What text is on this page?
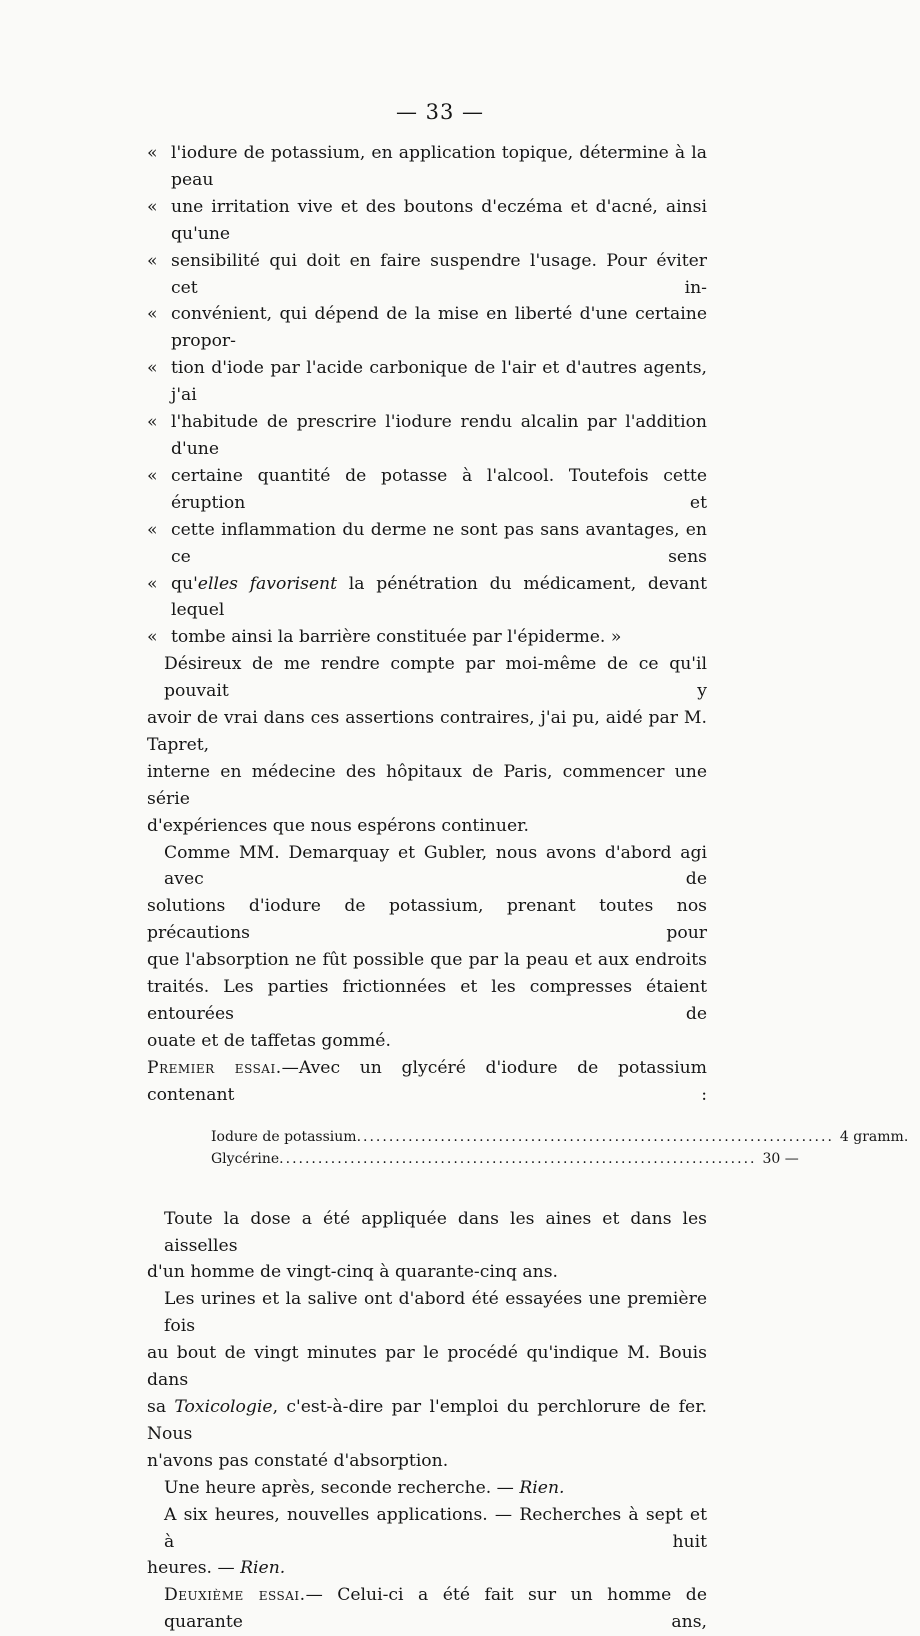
— 33 —
« l'iodure de potassium, en application topique, détermine à la peau
« une irritation vive et des boutons d'eczéma et d'acné, ainsi qu'une
« sensibilité qui doit en faire suspendre l'usage. Pour éviter cet in-
« convénient, qui dépend de la mise en liberté d'une certaine propor-
« tion d'iode par l'acide carbonique de l'air et d'autres agents, j'ai
« l'habitude de prescrire l'iodure rendu alcalin par l'addition d'une
« certaine quantité de potasse à l'alcool. Toutefois cette éruption et
« cette inflammation du derme ne sont pas sans avantages, en ce sens
« qu'elles favorisent la pénétration du médicament, devant lequel
« tombe ainsi la barrière constituée par l'épiderme. »
Désireux de me rendre compte par moi-même de ce qu'il pouvait y
avoir de vrai dans ces assertions contraires, j'ai pu, aidé par M. Tapret,
interne en médecine des hôpitaux de Paris, commencer une série
d'expériences que nous espérons continuer.
Comme MM. Demarquay et Gubler, nous avons d'abord agi avec de
solutions d'iodure de potassium, prenant toutes nos précautions pour
que l'absorption ne fût possible que par la peau et aux endroits
traités. Les parties frictionnées et les compresses étaient entourées de
ouate et de taffetas gommé.
Premier essai.—Avec un glycéré d'iodure de potassium contenant :
Iodure de potassium .......................................................................... 4 gramm.
Glycérine .......................................................................... 30 —
Toute la dose a été appliquée dans les aines et dans les aisselles
d'un homme de vingt-cinq à quarante-cinq ans.
Les urines et la salive ont d'abord été essayées une première fois
au bout de vingt minutes par le procédé qu'indique M. Bouis dans
sa Toxicologie, c'est-à-dire par l'emploi du perchlorure de fer. Nous
n'avons pas constaté d'absorption.
Une heure après, seconde recherche. — Rien.
A six heures, nouvelles applications. — Recherches à sept et à huit
heures. — Rien.
Deuxième essai.— Celui-ci a été fait sur un homme de quarante ans,
